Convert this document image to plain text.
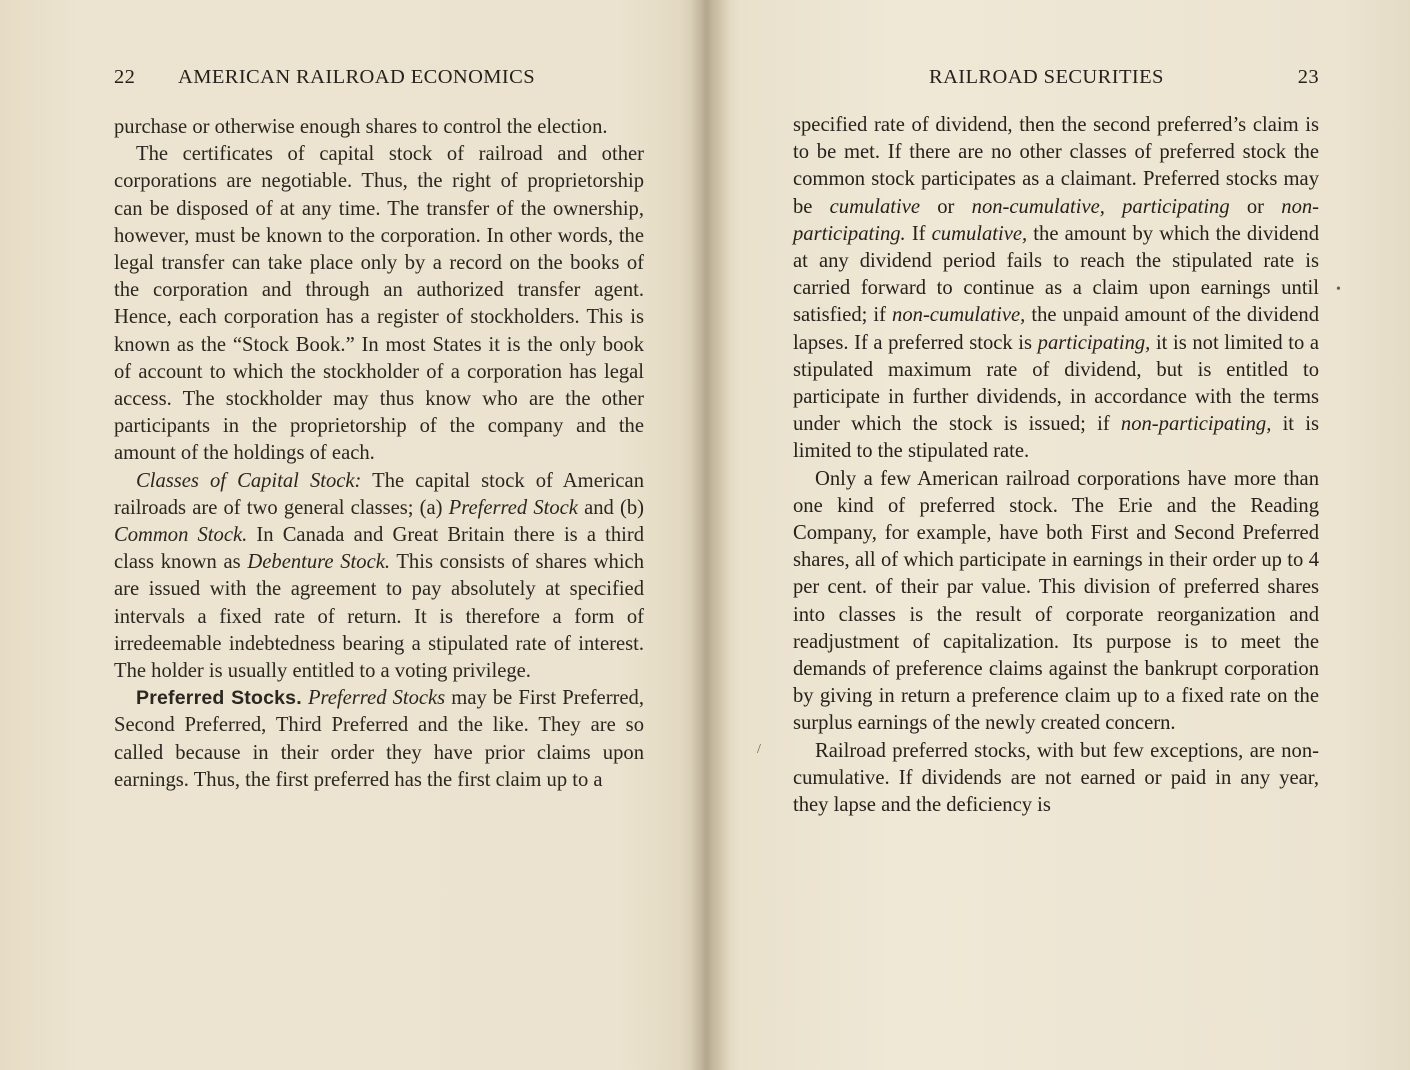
22 AMERICAN RAILROAD ECONOMICS

purchase or otherwise enough shares to control the election.

The certificates of capital stock of railroad and other corporations are negotiable. Thus, the right of proprietorship can be disposed of at any time. The transfer of the ownership, however, must be known to the corporation. In other words, the legal transfer can take place only by a record on the books of the corporation and through an authorized transfer agent. Hence, each corporation has a register of stockholders. This is known as the “Stock Book.” In most States it is the only book of account to which the stockholder of a corporation has legal access. The stockholder may thus know who are the other participants in the proprietorship of the company and the amount of the holdings of each.

Classes of Capital Stock: The capital stock of American railroads are of two general classes; (a) Preferred Stock and (b) Common Stock. In Canada and Great Britain there is a third class known as Debenture Stock. This consists of shares which are issued with the agreement to pay absolutely at specified intervals a fixed rate of return. It is therefore a form of irredeemable indebtedness bearing a stipulated rate of interest. The holder is usually entitled to a voting privilege.

Preferred Stocks. Preferred Stocks may be First Preferred, Second Preferred, Third Preferred and the like. They are so called because in their order they have prior claims upon earnings. Thus, the first preferred has the first claim up to a

RAILROAD SECURITIES	23

specified rate of dividend, then the second preferred’s claim is to be met. If there are no other classes of preferred stock the common stock participates as a claimant. Preferred stocks may be cumulative or non-cumulative, participating or non-participating. If cumulative, the amount by which the dividend at any dividend period fails to reach the stipulated rate is carried forward to continue as a claim upon earnings until satisfied; if non-cumulative, the unpaid amount of the dividend lapses. If a preferred stock is participating, it is not limited to a stipulated maximum rate of dividend, but is entitled to participate in further dividends, in accordance with the terms under which the stock is issued; if non-participating, it is limited to the stipulated rate.

Only a few American railroad corporations have more than one kind of preferred stock. The Erie and the Reading Company, for example, have both First and Second Preferred shares, all of which participate in earnings in their order up to 4 per cent. of their par value. This division of preferred shares into classes is the result of corporate reorganization and readjustment of capitalization. Its purpose is to meet the demands of preference claims against the bankrupt corporation by giving in return a preference claim up to a fixed rate on the surplus earnings of the newly created concern.

Railroad preferred stocks, with but few exceptions, are non-cumulative. If dividends are not earned or paid in any year, they lapse and the deficiency is

•
/
